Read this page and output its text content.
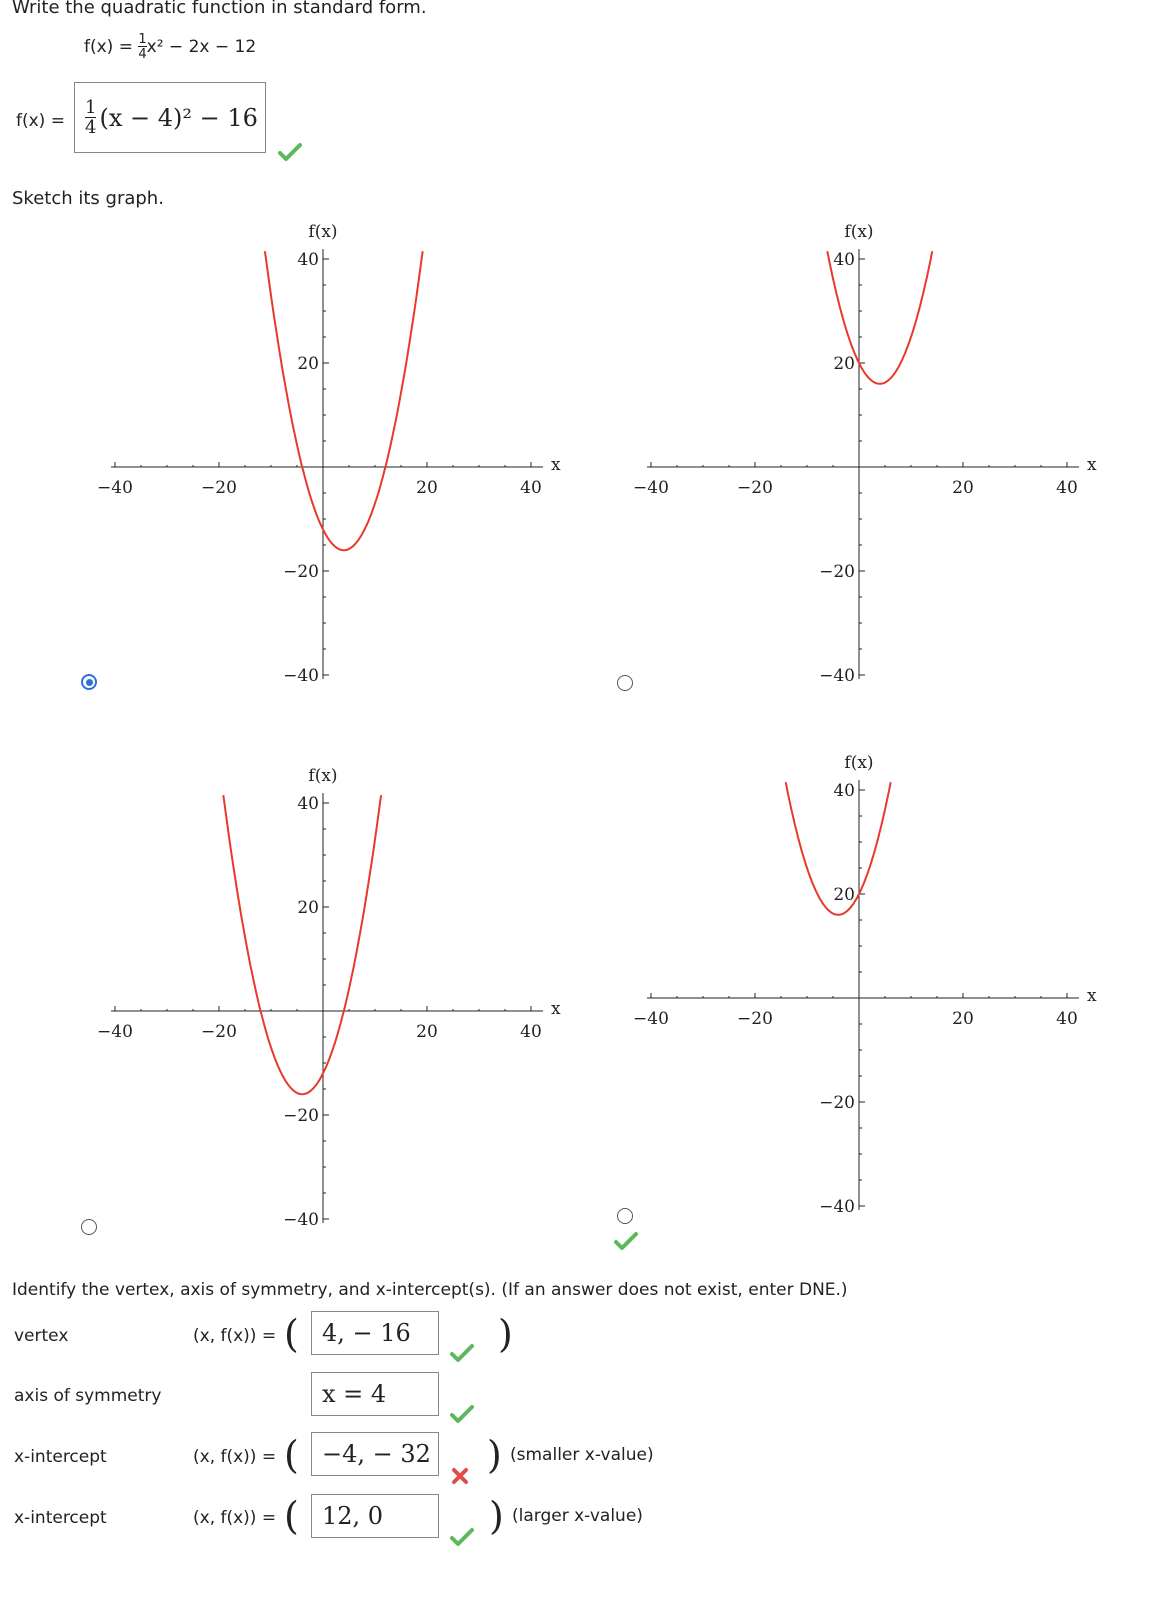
Write the quadratic function in standard form.
$f(x) = \frac{1}{4} x^2 - 2x - 12$
$f(x) = \frac{1}{4} (x - 4)^2 - 16$
Sketch its graph.
−40	−20	20	40
40
20
−20
−40
f(x)
x
−40	−20	20	40
40
20
−20
−40
f(x)
x
−40	−20	20	40
40
20
−20
−40
f(x)
x	−40	−20	20	40
40
20
−20
−40
f(x)
x
Identify the vertex, axis of symmetry, and x-intercept(s). (If an answer does not exist, enter DNE.)
vertex	(x, f(x)) = ( 4, − 16	)
axis of symmetry	x = 4
x-intercept	(x, f(x)) = ( −4, − 32 ) (smaller x-value)
x-intercept	(x, f(x)) = ( 12, 0	) (larger x-value)
